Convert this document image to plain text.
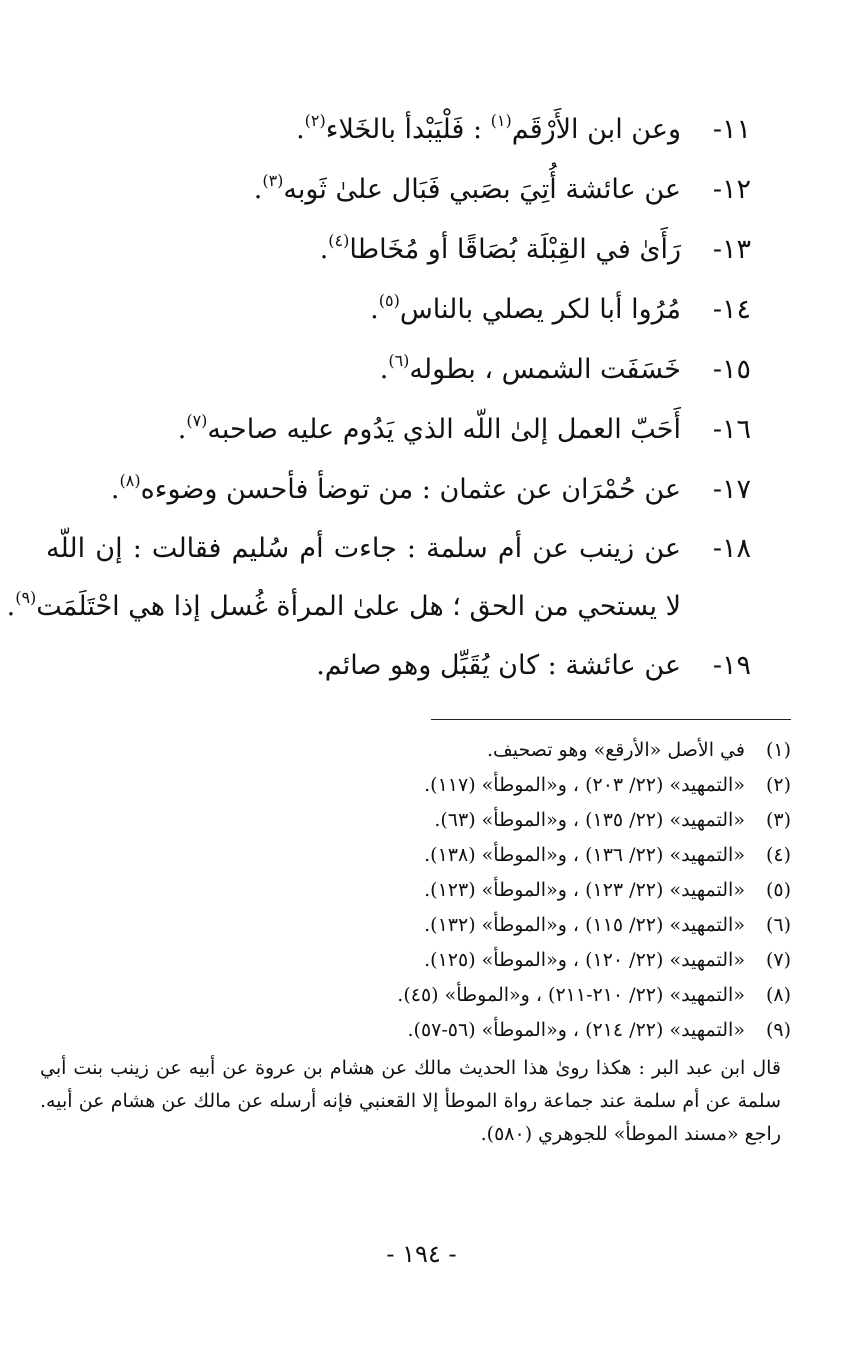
١١-
وعن ابن الأَرْقَم$^{(١)}$ : فَلْيَبْدأ بالخَلاء$^{(٢)}$.
١٢-
عن عائشة أُتِيَ بصَبي فَبَال علىٰ ثَوبه$^{(٣)}$.
١٣-
رَأَىٰ في القِبْلَة بُصَاقًا أو مُخَاطا$^{(٤)}$.
١٤-
مُرُوا أبا لكر يصلي بالناس$^{(٥)}$.
١٥-
خَسَفَت الشمس ، بطوله$^{(٦)}$.
١٦-
أَحَبّ العمل إلىٰ اللّه الذي يَدُوم عليه صاحبه$^{(٧)}$.
١٧-
عن حُمْرَان عن عثمان : من توضأ فأحسن وضوءه$^{(٨)}$.
١٨-
عن زينب عن أم سلمة : جاءت أم سُليم فقالت : إن اللّه
لا يستحي من الحق ؛ هل علىٰ المرأة غُسل إذا هي احْتَلَمَت$^{(٩)}$.
١٩-
عن عائشة : كان يُقَبِّل وهو صائم.
(١) في الأصل «الأرقع» وهو تصحيف.
(٢) «التمهيد» (٢٢/ ٢٠٣) ، و«الموطأ» (١١٧).
(٣) «التمهيد» (٢٢/ ١٣٥) ، و«الموطأ» (٦٣).
(٤) «التمهيد» (٢٢/ ١٣٦) ، و«الموطأ» (١٣٨).
(٥) «التمهيد» (٢٢/ ١٢٣) ، و«الموطأ» (١٢٣).
(٦) «التمهيد» (٢٢/ ١١٥) ، و«الموطأ» (١٣٢).
(٧) «التمهيد» (٢٢/ ١٢٠) ، و«الموطأ» (١٢٥).
(٨) «التمهيد» (٢٢/ ٢١٠-٢١١) ، و«الموطأ» (٤٥).
(٩) «التمهيد» (٢٢/ ٢١٤) ، و«الموطأ» (٥٦-٥٧).
قال ابن عبد البر : هكذا روىٰ هذا الحديث مالك عن هشام بن عروة عن أبيه عن زينب بنت أبي سلمة عن أم سلمة عند جماعة رواة الموطأ إلا القعنبي فإنه أرسله عن مالك عن هشام عن أبيه. راجع «مسند الموطأ» للجوهري (٥٨٠).
- ١٩٤ -
